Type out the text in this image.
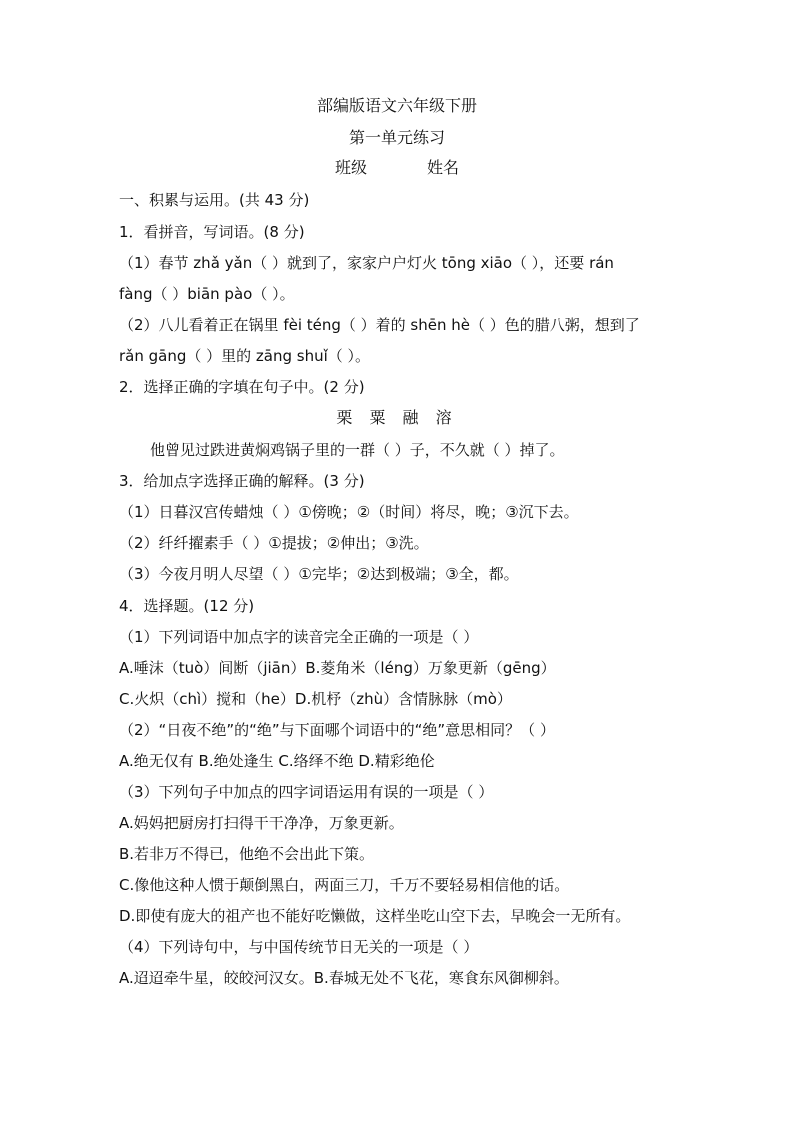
部编版语文六年级下册
第一单元练习
班级	姓名
一、积累与运用。(共 43 分)
1．看拼音，写词语。(8 分)
（1）春节 zhǎ yǎn（ ）就到了，家家户户灯火 tōng xiāo（ ），还要 rán
fàng（ ）biān pào（ ）。
（2）八儿看着正在锅里 fèi téng（ ）着的 shēn hè（ ）色的腊八粥，想到了
rǎn gāng（ ）里的 zāng shuǐ（ ）。
2．选择正确的字填在句子中。(2 分)
栗 粟 融 溶
他曾见过跌进黄焖鸡锅子里的一群（ ）子，不久就（ ）掉了。
3．给加点字选择正确的解释。(3 分)
（1）日暮汉宫传蜡烛（ ）①傍晚；②（时间）将尽，晚；③沉下去。
（2）纤纤擢素手（ ）①提拔；②伸出；③洗。
（3）今夜月明人尽望（ ）①完毕；②达到极端；③全，都。
4．选择题。(12 分)
（1）下列词语中加点字的读音完全正确的一项是（ ）
A.唾沫（tuò）间断（jiān）B.菱角米（léng）万象更新（gēng）
C.火炽（chì）搅和（he）D.机杼（zhù）含情脉脉（mò）
（2）“日夜不绝”的“绝”与下面哪个词语中的“绝”意思相同？（ ）
A.绝无仅有 B.绝处逢生 C.络绎不绝 D.精彩绝伦
（3）下列句子中加点的四字词语运用有误的一项是（ ）
A.妈妈把厨房打扫得干干净净，万象更新。
B.若非万不得已，他绝不会出此下策。
C.像他这种人惯于颠倒黑白，两面三刀，千万不要轻易相信他的话。
D.即使有庞大的祖产也不能好吃懒做，这样坐吃山空下去，早晚会一无所有。
（4）下列诗句中，与中国传统节日无关的一项是（ ）
A.迢迢牵牛星，皎皎河汉女。B.春城无处不飞花，寒食东风御柳斜。
